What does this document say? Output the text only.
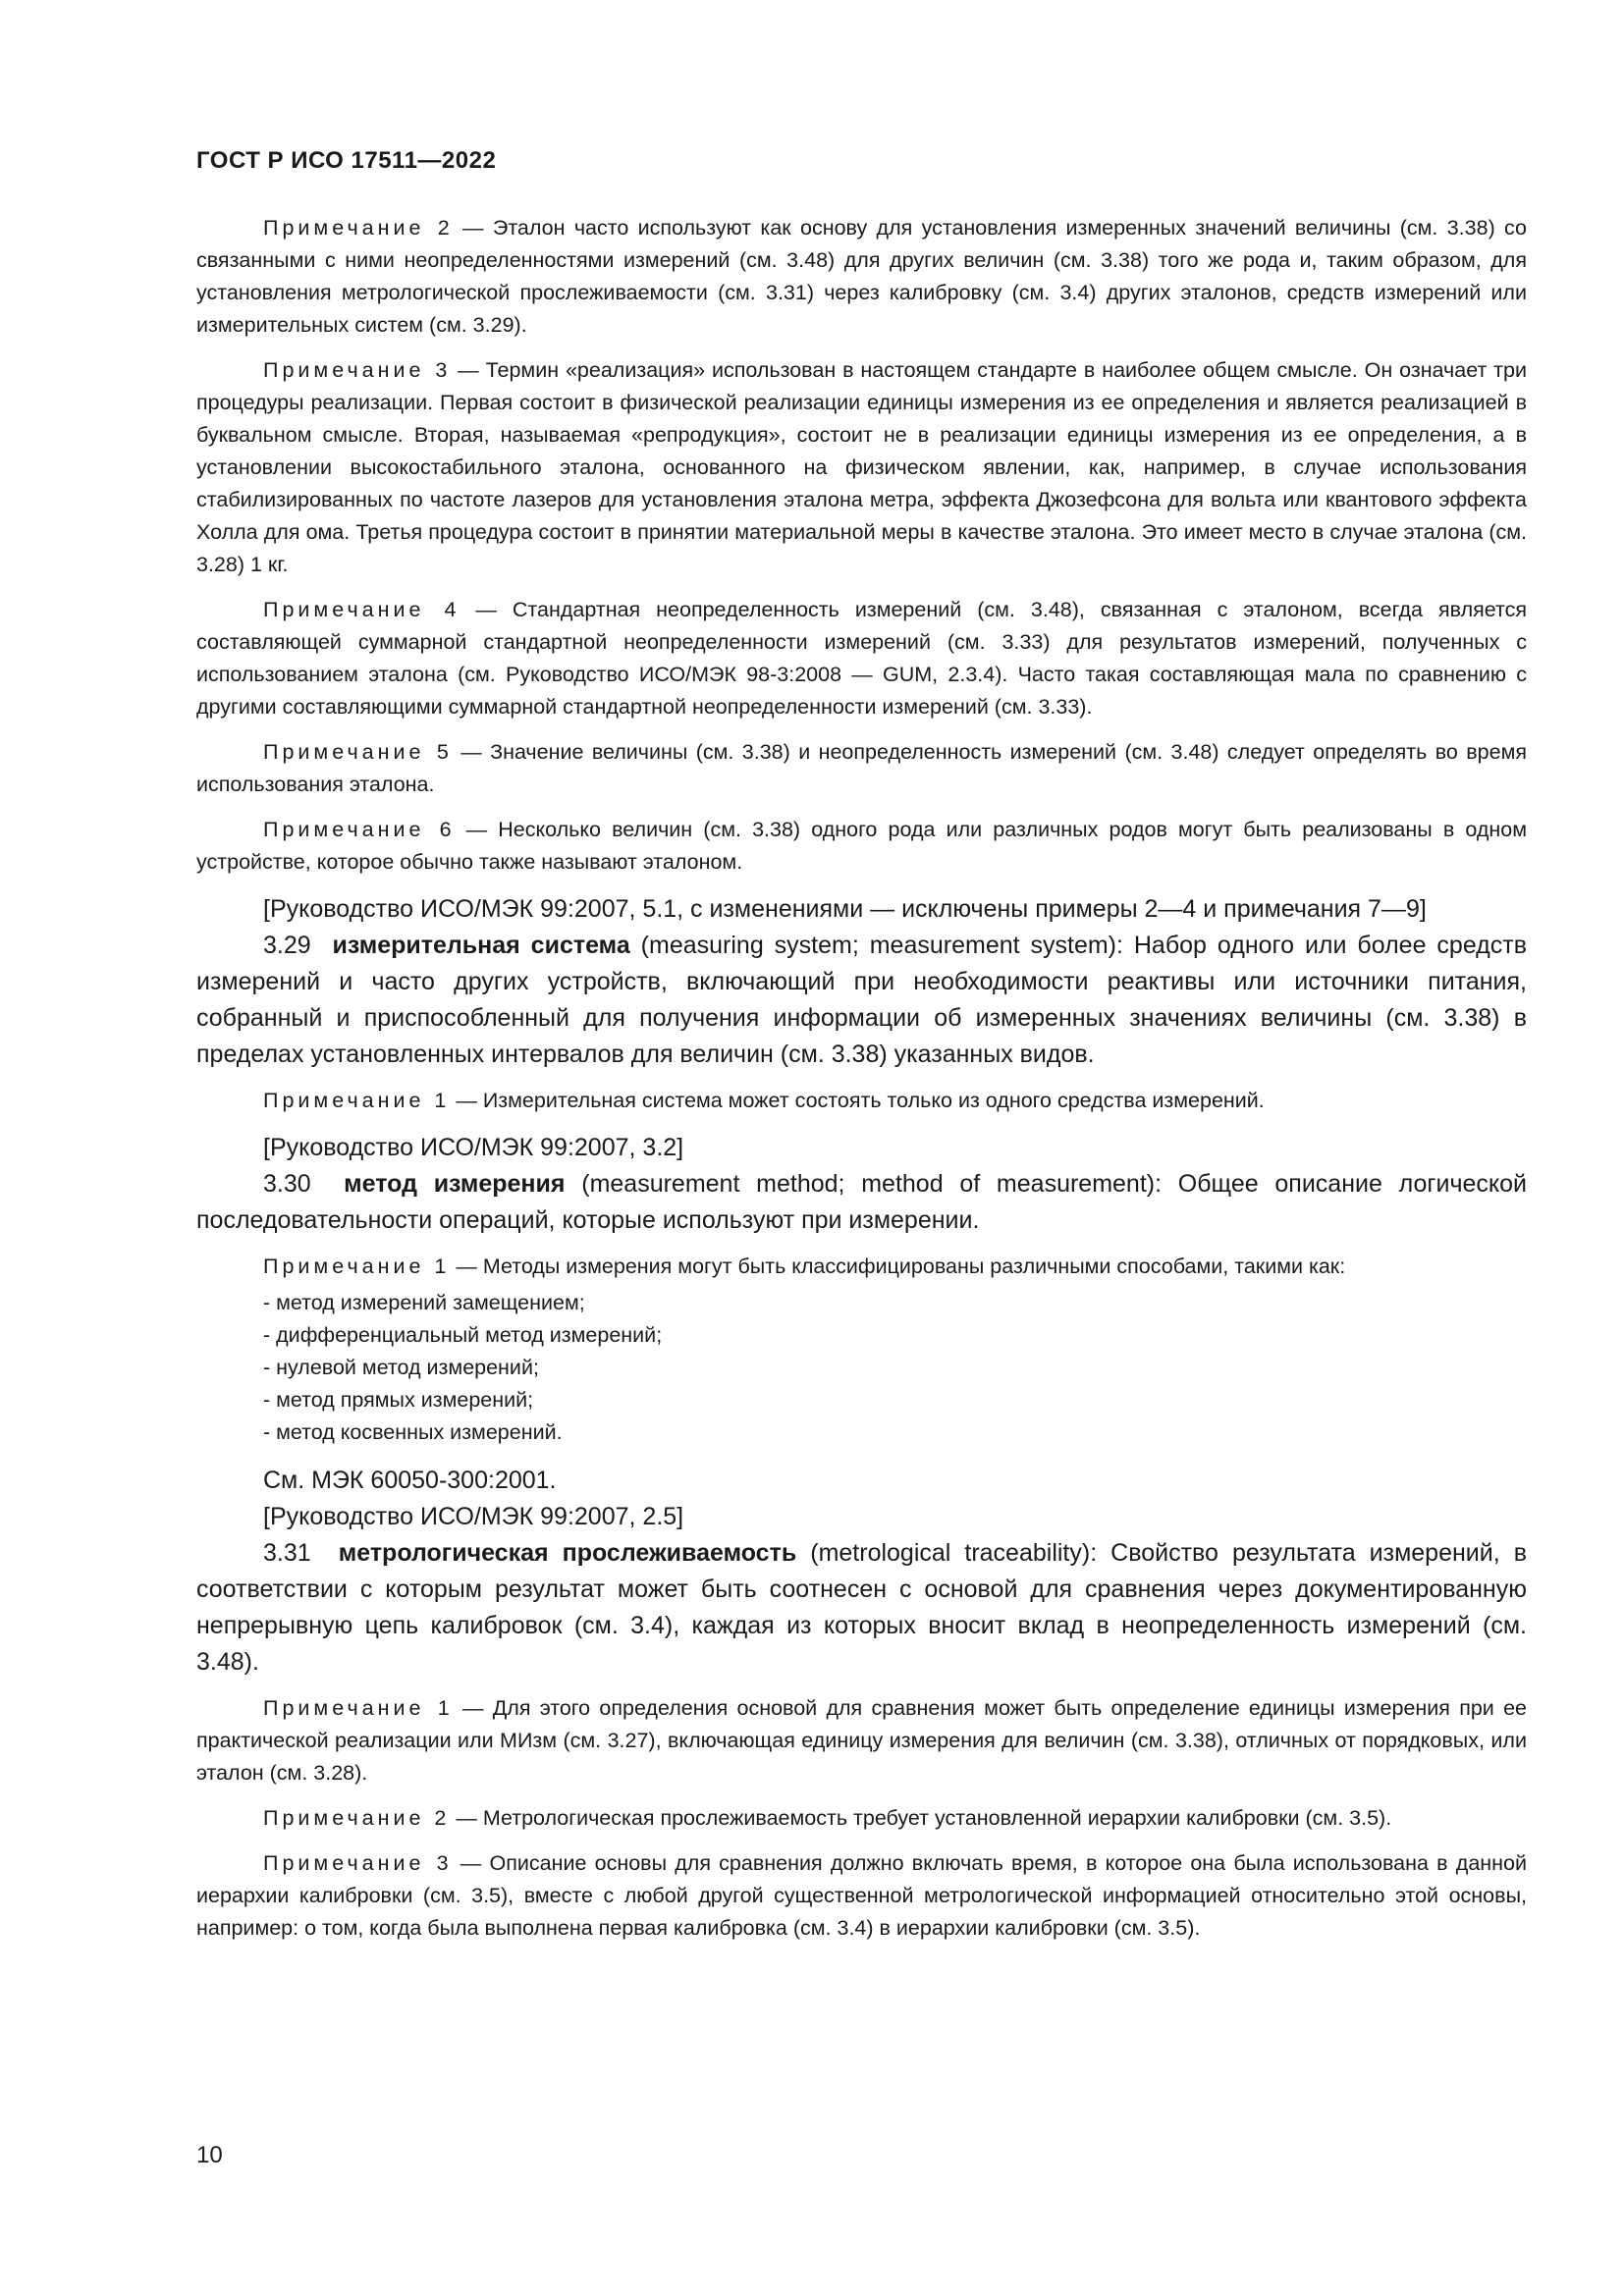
ГОСТ Р ИСО 17511—2022

Примечание 2 — Эталон часто используют как основу для установления измеренных значений величины (см. 3.38) со связанными с ними неопределенностями измерений (см. 3.48) для других величин (см. 3.38) того же рода и, таким образом, для установления метрологической прослеживаемости (см. 3.31) через калибровку (см. 3.4) других эталонов, средств измерений или измерительных систем (см. 3.29).

Примечание 3 — Термин «реализация» использован в настоящем стандарте в наиболее общем смысле. Он означает три процедуры реализации. Первая состоит в физической реализации единицы измерения из ее определения и является реализацией в буквальном смысле. Вторая, называемая «репродукция», состоит не в реализации единицы измерения из ее определения, а в установлении высокостабильного эталона, основанного на физическом явлении, как, например, в случае использования стабилизированных по частоте лазеров для установления эталона метра, эффекта Джозефсона для вольта или квантового эффекта Холла для ома. Третья процедура состоит в принятии материальной меры в качестве эталона. Это имеет место в случае эталона (см. 3.28) 1 кг.

Примечание 4 — Стандартная неопределенность измерений (см. 3.48), связанная с эталоном, всегда является составляющей суммарной стандартной неопределенности измерений (см. 3.33) для результатов измерений, полученных с использованием эталона (см. Руководство ИСО/МЭК 98-3:2008 — GUM, 2.3.4). Часто такая составляющая мала по сравнению с другими составляющими суммарной стандартной неопределенности измерений (см. 3.33).

Примечание 5 — Значение величины (см. 3.38) и неопределенность измерений (см. 3.48) следует определять во время использования эталона.

Примечание 6 — Несколько величин (см. 3.38) одного рода или различных родов могут быть реализованы в одном устройстве, которое обычно также называют эталоном.

[Руководство ИСО/МЭК 99:2007, 5.1, с изменениями — исключены примеры 2—4 и примечания 7—9]

3.29 измерительная система (measuring system; measurement system): Набор одного или более средств измерений и часто других устройств, включающий при необходимости реактивы или источники питания, собранный и приспособленный для получения информации об измеренных значениях величины (см. 3.38) в пределах установленных интервалов для величин (см. 3.38) указанных видов.

Примечание 1 — Измерительная система может состоять только из одного средства измерений.

[Руководство ИСО/МЭК 99:2007, 3.2]

3.30 метод измерения (measurement method; method of measurement): Общее описание логической последовательности операций, которые используют при измерении.

Примечание 1 — Методы измерения могут быть классифицированы различными способами, такими как:

- метод измерений замещением;
- дифференциальный метод измерений;
- нулевой метод измерений;
- метод прямых измерений;
- метод косвенных измерений.

См. МЭК 60050-300:2001.

[Руководство ИСО/МЭК 99:2007, 2.5]

3.31 метрологическая прослеживаемость (metrological traceability): Свойство результата измерений, в соответствии с которым результат может быть соотнесен с основой для сравнения через документированную непрерывную цепь калибровок (см. 3.4), каждая из которых вносит вклад в неопределенность измерений (см. 3.48).

Примечание 1 — Для этого определения основой для сравнения может быть определение единицы измерения при ее практической реализации или МИзм (см. 3.27), включающая единицу измерения для величин (см. 3.38), отличных от порядковых, или эталон (см. 3.28).

Примечание 2 — Метрологическая прослеживаемость требует установленной иерархии калибровки (см. 3.5).

Примечание 3 — Описание основы для сравнения должно включать время, в которое она была использована в данной иерархии калибровки (см. 3.5), вместе с любой другой существенной метрологической информацией относительно этой основы, например: о том, когда была выполнена первая калибровка (см. 3.4) в иерархии калибровки (см. 3.5).

10
